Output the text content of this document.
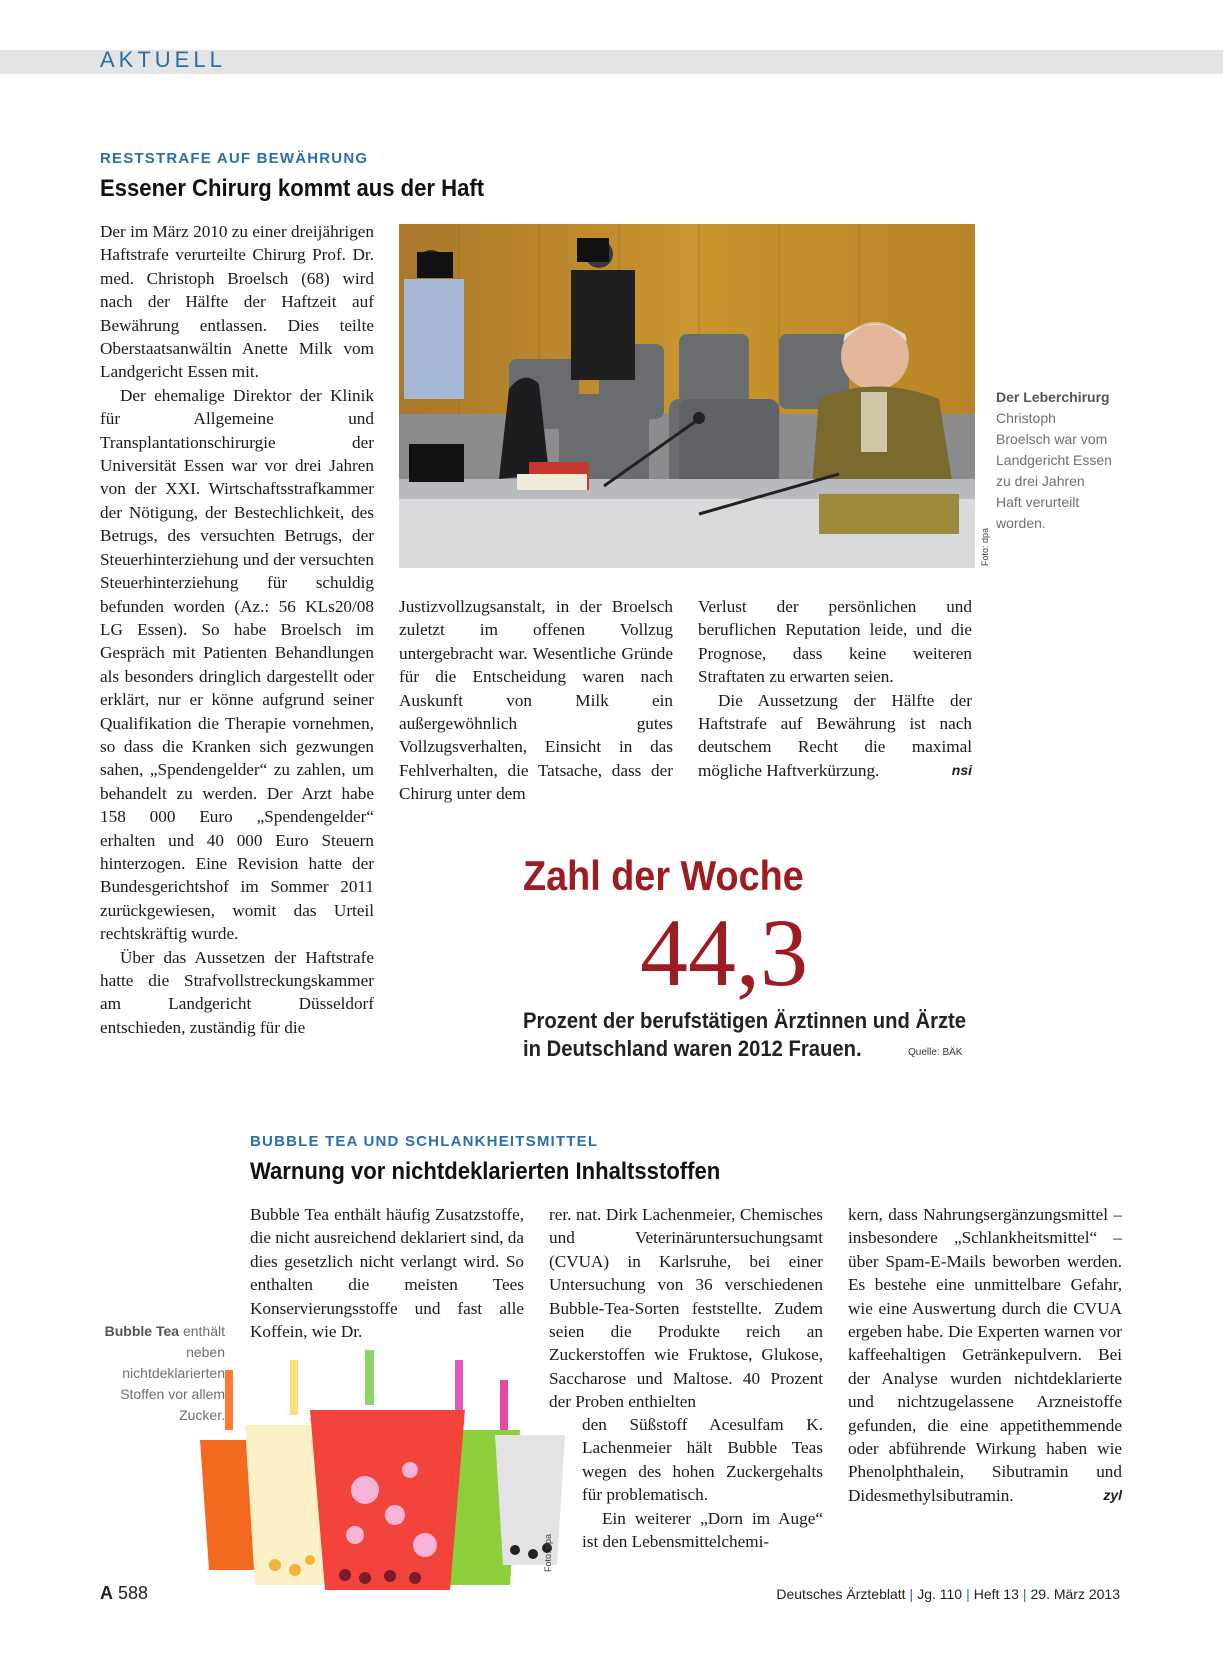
AKTUELL
RESTSTRAFE AUF BEWÄHRUNG
Essener Chirurg kommt aus der Haft

Der im März 2010 zu einer dreijährigen Haftstrafe verurteilte Chirurg Prof. Dr. med. Christoph Broelsch (68) wird nach der Hälfte der Haftzeit auf Bewährung entlassen. Dies teilte Oberstaatsanwältin Anette Milk vom Landgericht Essen mit.

Der ehemalige Direktor der Klinik für Allgemeine und Transplantationschirurgie der Universität Essen war vor drei Jahren von der XXI. Wirtschaftsstrafkammer der Nötigung, der Bestechlichkeit, des Betrugs, des versuchten Betrugs, der Steuerhinterziehung und der versuchten Steuerhinterziehung für schuldig befunden worden (Az.: 56 KLs20/08 LG Essen). So habe Broelsch im Gespräch mit Patienten Behandlungen als besonders dringlich dargestellt oder erklärt, nur er könne aufgrund seiner Qualifikation die Therapie vornehmen, so dass die Kranken sich gezwungen sahen, „Spendengelder“ zu zahlen, um behandelt zu werden. Der Arzt habe 158 000 Euro „Spendengelder“ erhalten und 40 000 Euro Steuern hinterzogen. Eine Revision hatte der Bundesgerichtshof im Sommer 2011 zurückgewiesen, womit das Urteil rechtskräftig wurde.

Über das Aussetzen der Haftstrafe hatte die Strafvollstreckungskammer am Landgericht Düsseldorf entschieden, zuständig für die

Foto: dpa
Der Leberchirurg Christoph Broelsch war vom Landgericht Essen zu drei Jahren Haft verurteilt worden.

Justizvollzugsanstalt, in der Broelsch zuletzt im offenen Vollzug untergebracht war. Wesentliche Gründe für die Entscheidung waren nach Auskunft von Milk ein außergewöhnlich gutes Vollzugsverhalten, Einsicht in das Fehlverhalten, die Tatsache, dass der Chirurg unter dem

Verlust der persönlichen und beruflichen Reputation leide, und die Prognose, dass keine weiteren Straftaten zu erwarten seien.

Die Aussetzung der Hälfte der Haftstrafe auf Bewährung ist nach deutschem Recht die maximal mögliche Haftverkürzung.	nsi

Zahl der Woche
44,3
Prozent der berufstätigen Ärztinnen und Ärzte
in Deutschland waren 2012 Frauen.	Quelle: BÄK
BUBBLE TEA UND SCHLANKHEITSMITTEL
Warnung vor nichtdeklarierten Inhaltsstoffen
Bubble Tea enthält neben nichtdeklarierten Stoffen vor allem Zucker.
Foto: dpa

Bubble Tea enthält häufig Zusatzstoffe, die nicht ausreichend deklariert sind, da dies gesetzlich nicht verlangt wird. So enthalten die meisten Tees Konservierungsstoffe und fast alle Koffein, wie Dr.

rer. nat. Dirk Lachenmeier, Chemisches und Veterinäruntersuchungsamt (CVUA) in Karlsruhe, bei einer Untersuchung von 36 verschiedenen Bubble-Tea-Sorten feststellte. Zudem seien die Produkte reich an Zuckerstoffen wie Fruktose, Glukose, Saccharose und Maltose. 40 Prozent der Proben enthielten

den Süßstoff Acesulfam K. Lachenmeier hält Bubble Teas wegen des hohen Zuckergehalts für problematisch.

Ein weiterer „Dorn im Auge“ ist den Lebensmittelchemi-

kern, dass Nahrungsergänzungsmittel – insbesondere „Schlankheitsmittel“ – über Spam-E-Mails beworben werden. Es bestehe eine unmittelbare Gefahr, wie eine Auswertung durch die CVUA ergeben habe. Die Experten warnen vor kaffeehaltigen Getränkepulvern. Bei der Analyse wurden nichtdeklarierte und nichtzugelassene Arzneistoffe gefunden, die eine appetithemmende oder abführende Wirkung haben wie Phenolphthalein, Sibutramin und Didesmethylsibutramin.	zyl

A 588	Deutsches Ärzteblatt | Jg. 110 | Heft 13 | 29. März 2013
